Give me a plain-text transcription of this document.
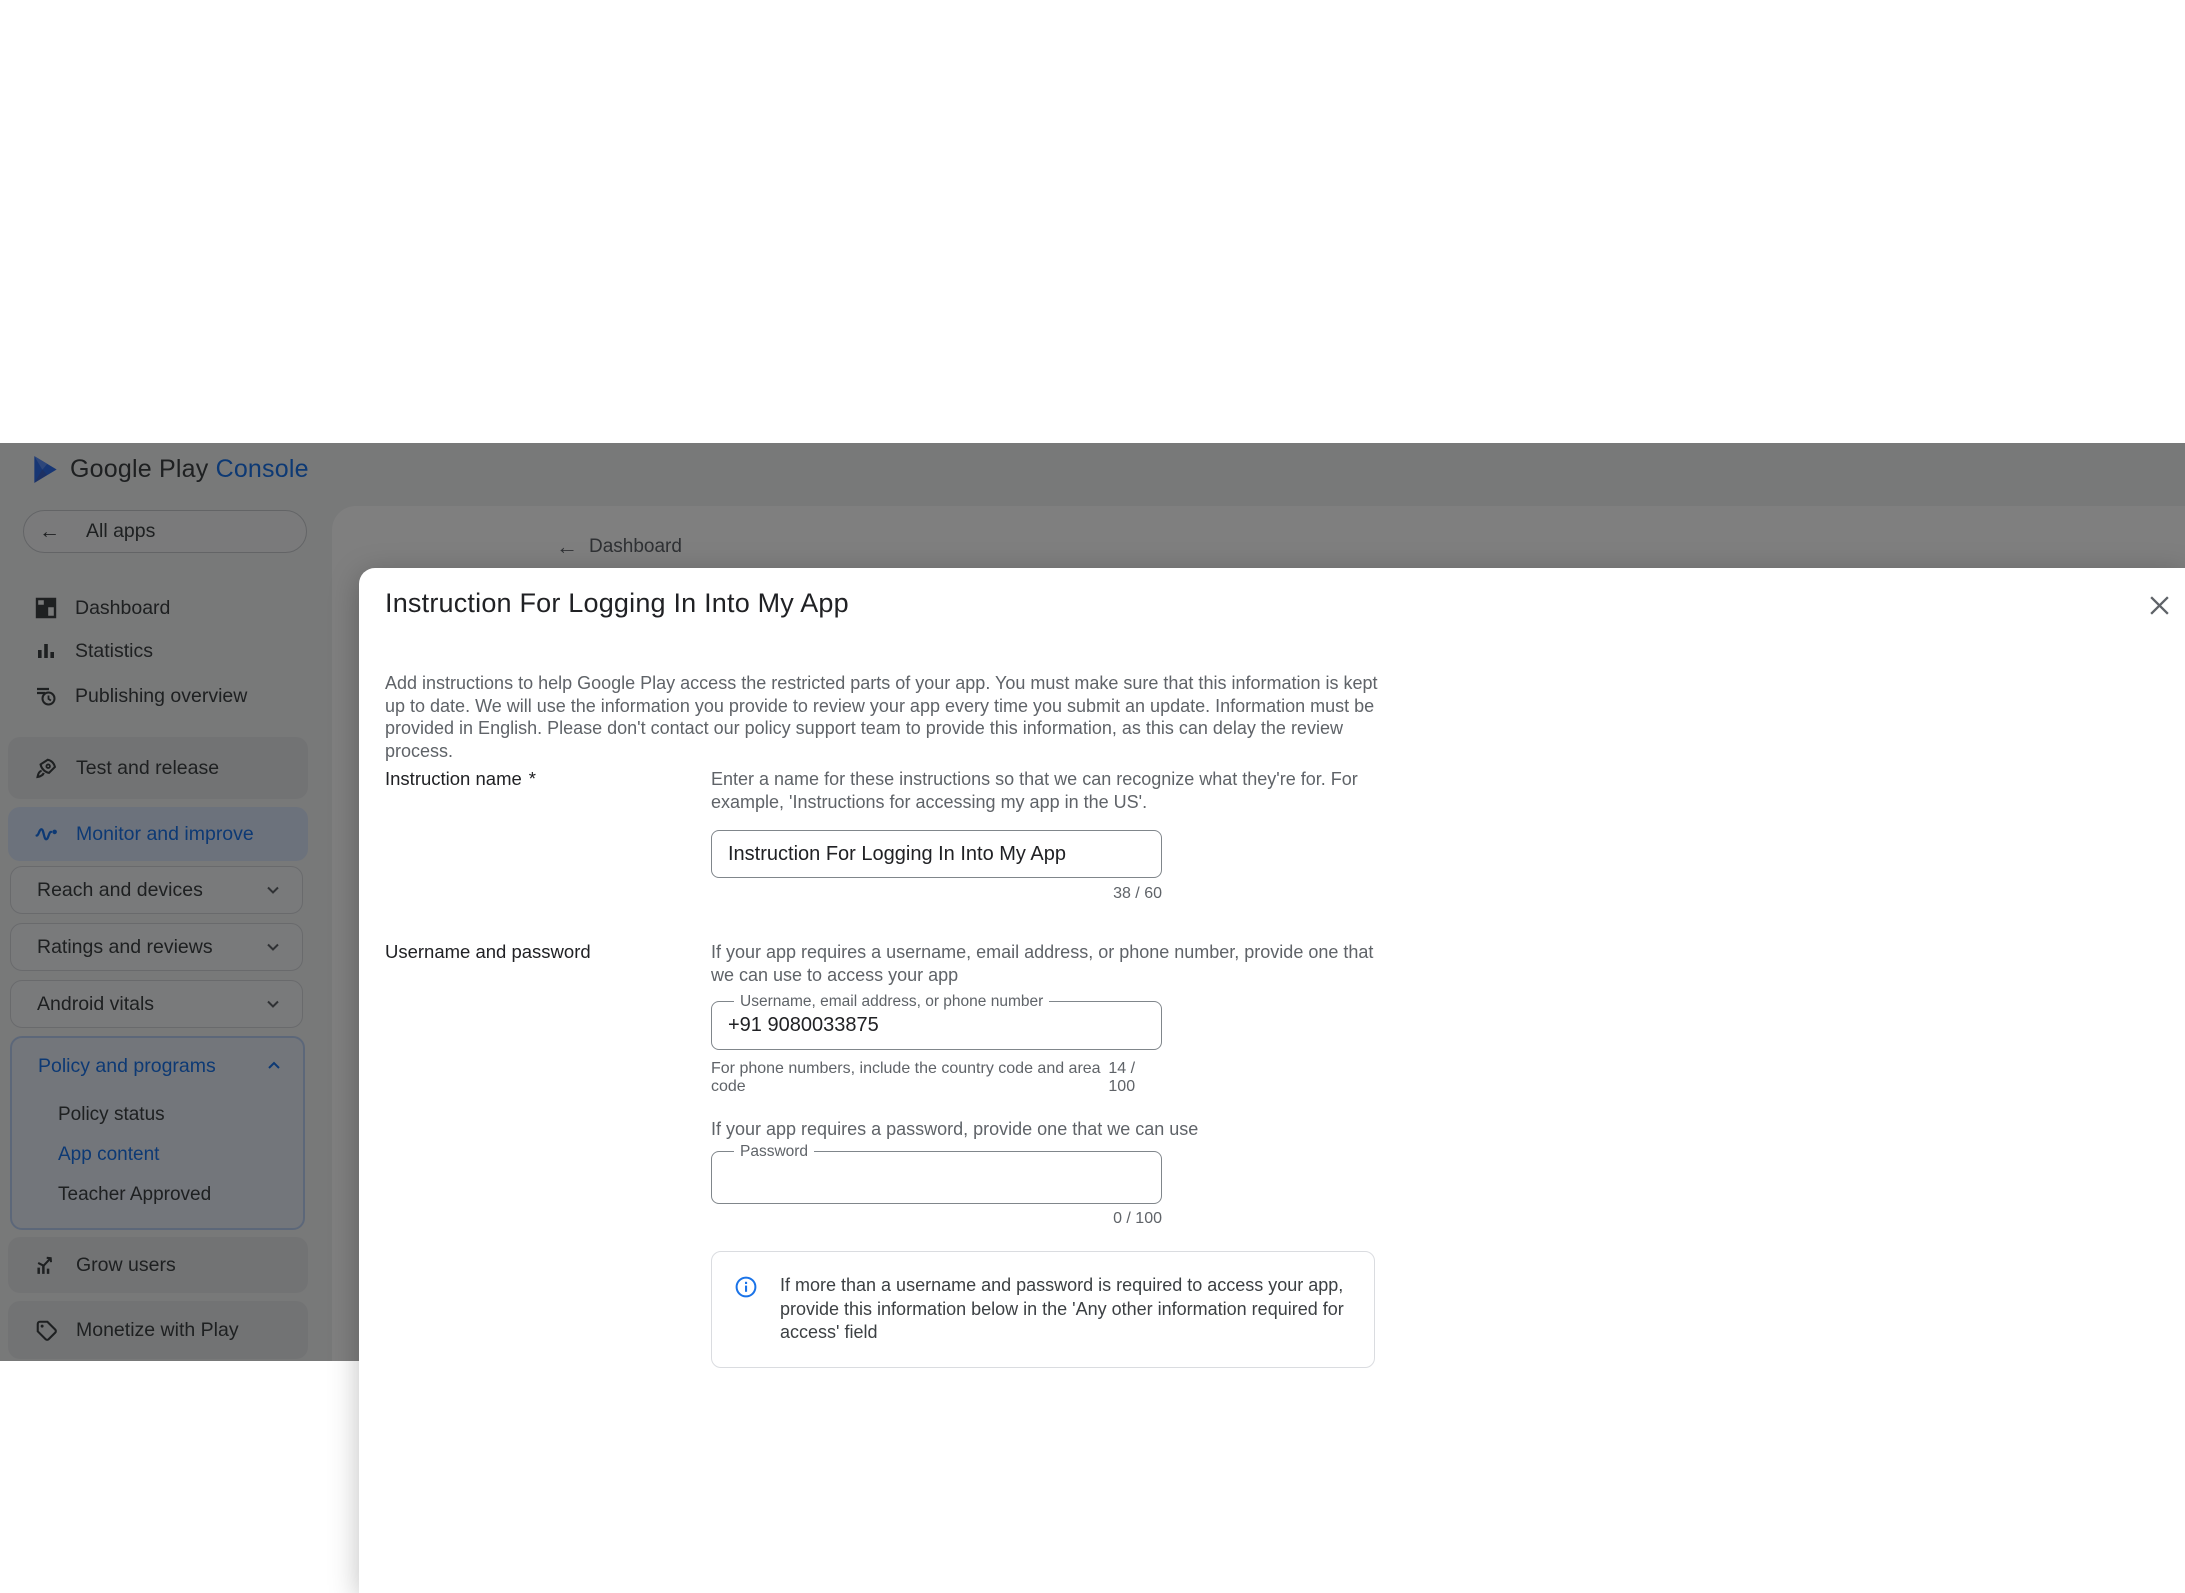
Instruction For Logging In Into My App

Add instructions to help Google Play access the restricted parts of your app. You must make sure that this information is kept up to date. We will use the information you provide to review your app every time you submit an update. Information must be provided in English. Please don't contact our policy support team to provide this information, as this can delay the review process.

Instruction name *	Enter a name for these instructions so that we can recognize what they're for. For example, 'Instructions for accessing my app in the US'.
Instruction For Logging In Into My App
38 / 60
Username and password	If your app requires a username, email address, or phone number, provide one that we can use to access your app
Username, email address, or phone number
+91 9080033875
For phone numbers, include the country code and area code
14 / 100
If your app requires a password, provide one that we can use
Password
0 / 100
If more than a username and password is required to access your app, provide this information below in the 'Any other information required for access' field
